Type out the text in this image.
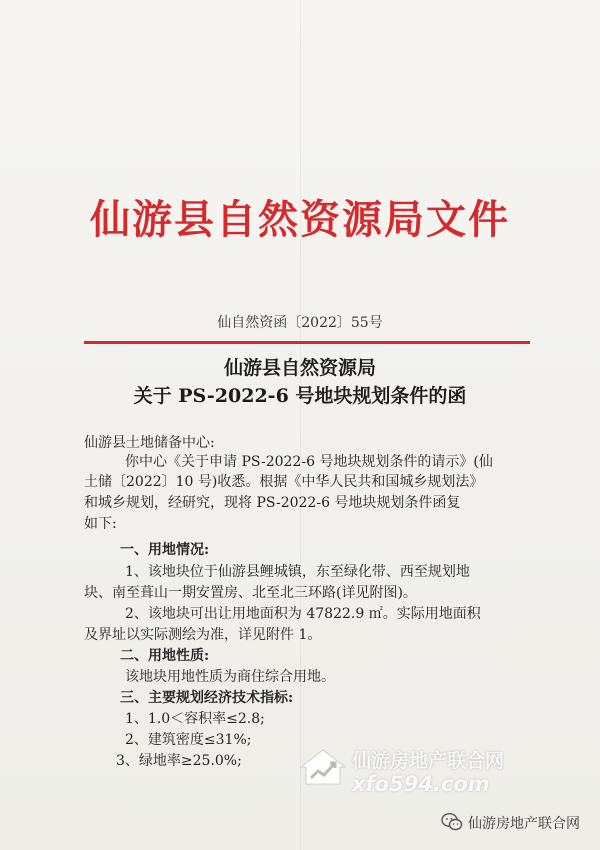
仙游县自然资源局文件
仙自然资函〔2022〕55号
仙游县自然资源局
关于 PS-2022-6 号地块规划条件的函
仙游县土地储备中心:
你中心《关于申请 PS-2022-6 号地块规划条件的请示》(仙
土储〔2022〕10 号)收悉。根据《中华人民共和国城乡规划法》
和城乡规划，经研究，现将 PS-2022-6 号地块规划条件函复
如下:
一、用地情况:
1、该地块位于仙游县鲤城镇，东至绿化带、西至规划地
块、南至葺山一期安置房、北至北三环路(详见附图)。
2、该地块可出让用地面积为 47822.9 ㎡。实际用地面积
及界址以实际测绘为准，详见附件 1。
二、用地性质:
该地块用地性质为商住综合用地。
三、主要规划经济技术指标:
1、1.0＜容积率≤2.8;
2、建筑密度≤31%;
3、绿地率≥25.0%;	仙游房地产联合网
xfo594.com
仙游房地产联合网
